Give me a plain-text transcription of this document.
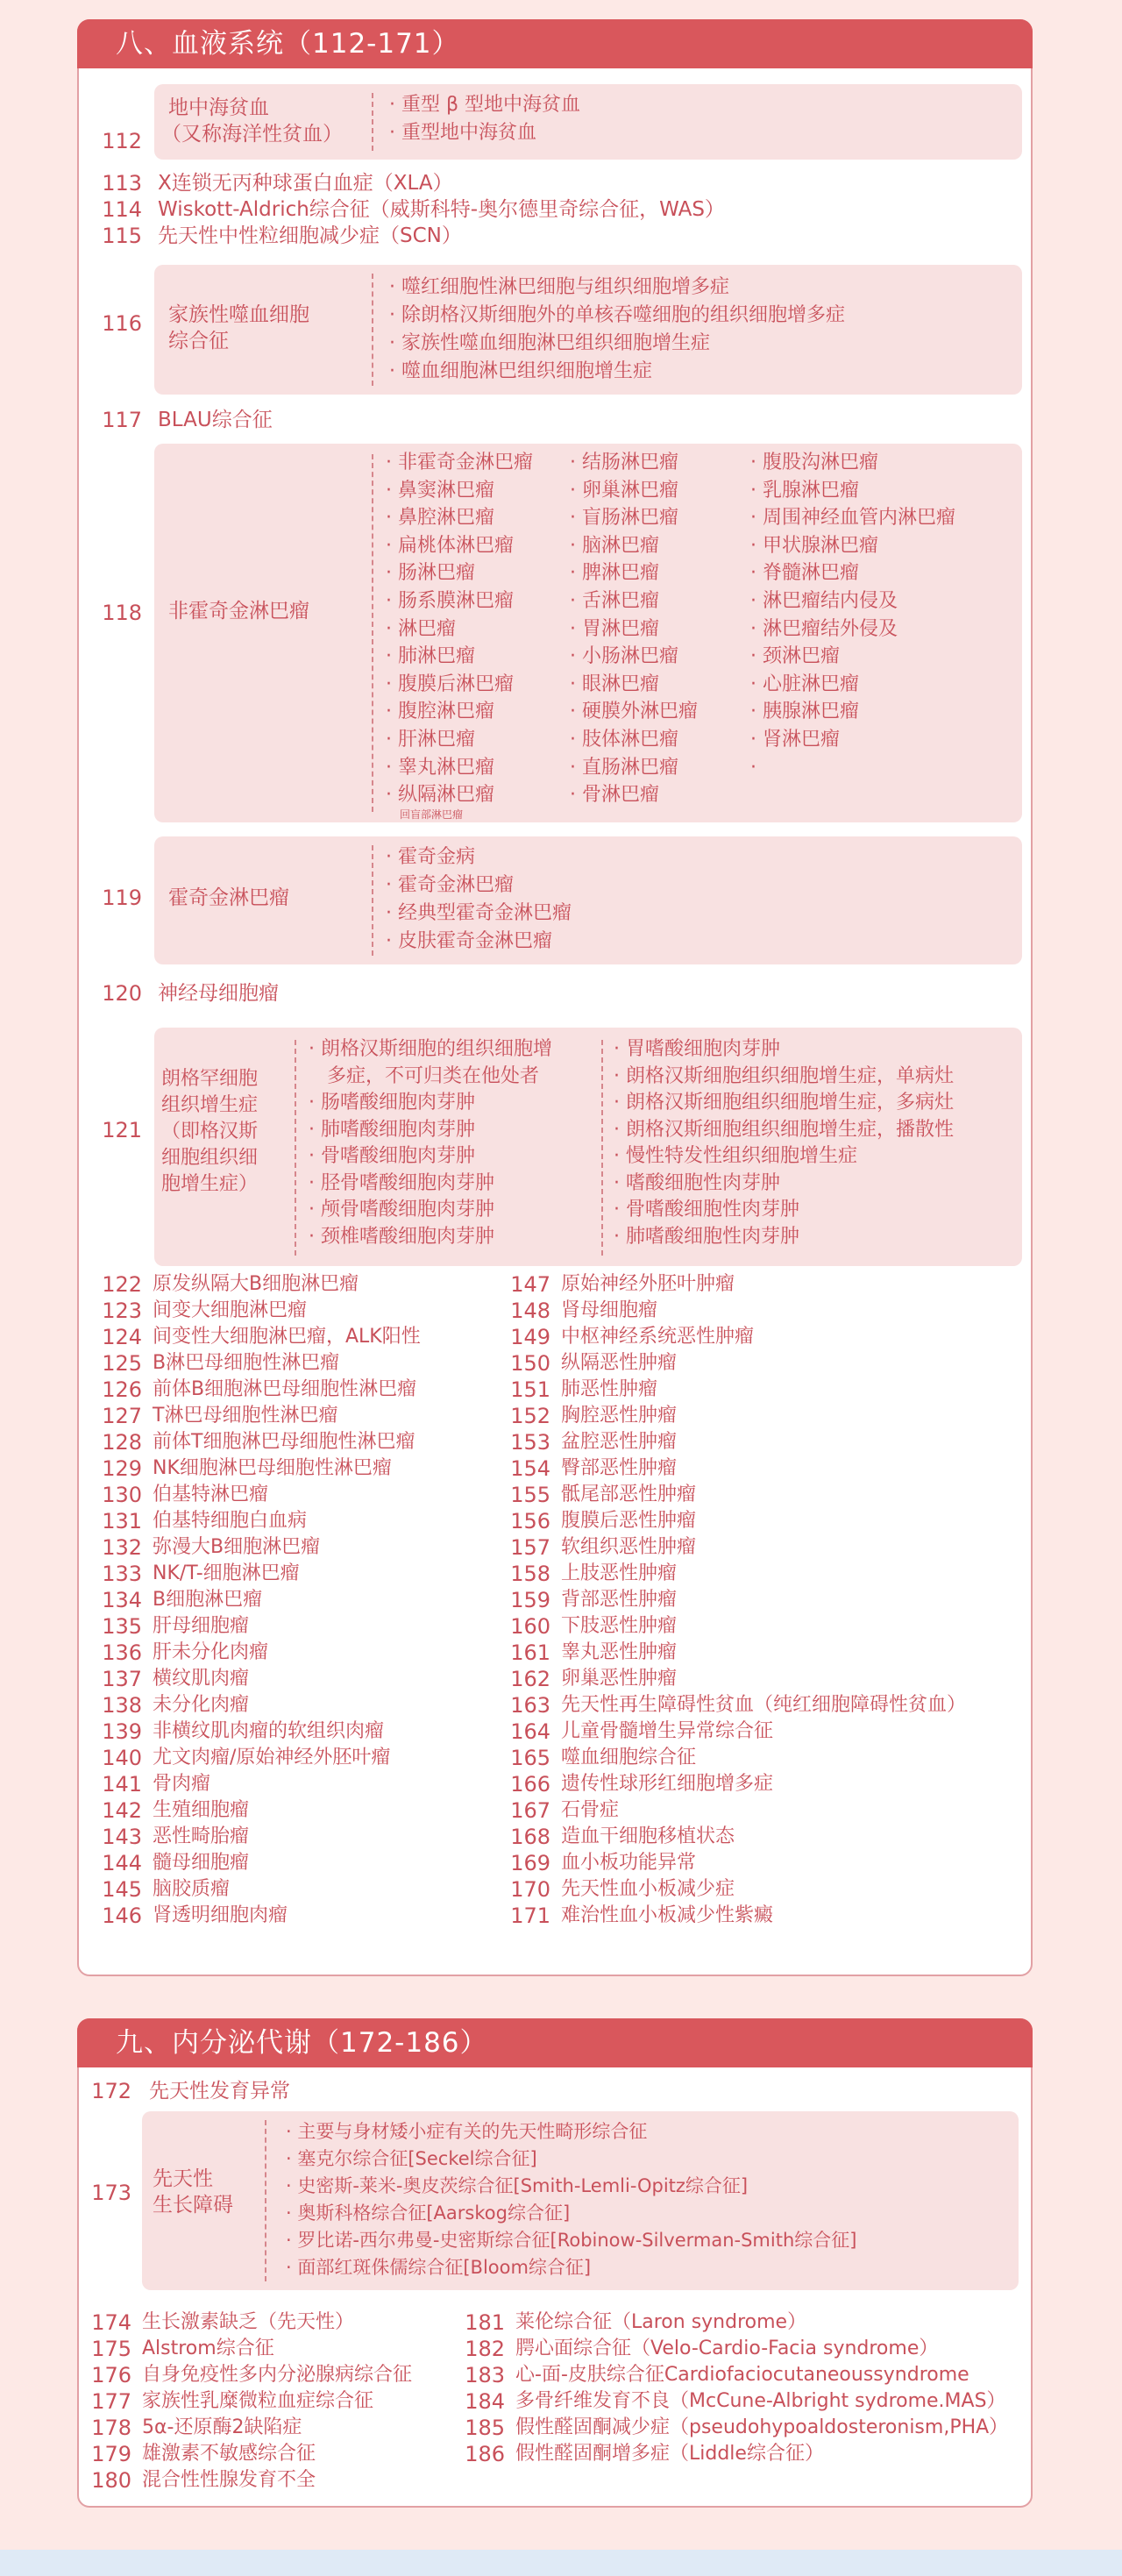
八、血液系统（112-171）
112
地中海贫血
（又称海洋性贫血）
· 重型 β 型地中海贫血
· 重型地中海贫血
113 X连锁无丙种球蛋白血症（XLA）
114 Wiskott-Aldrich综合征（威斯科特-奥尔德里奇综合征，WAS）
115 先天性中性粒细胞减少症（SCN）
116 家族性噬血细胞
综合征
· 噬红细胞性淋巴细胞与组织细胞增多症
· 除朗格汉斯细胞外的单核吞噬细胞的组织细胞增多症
· 家族性噬血细胞淋巴组织细胞增生症
· 噬血细胞淋巴组织细胞增生症
117 BLAU综合征
118 非霍奇金淋巴瘤
· 非霍奇金淋巴瘤
· 鼻窦淋巴瘤
· 鼻腔淋巴瘤
· 扁桃体淋巴瘤
· 肠淋巴瘤
· 肠系膜淋巴瘤
· 淋巴瘤
· 肺淋巴瘤
· 腹膜后淋巴瘤
· 腹腔淋巴瘤
· 肝淋巴瘤
· 睾丸淋巴瘤
· 纵隔淋巴瘤
回盲部淋巴瘤
· 结肠淋巴瘤
· 卵巢淋巴瘤
· 盲肠淋巴瘤
· 脑淋巴瘤
· 脾淋巴瘤
· 舌淋巴瘤
· 胃淋巴瘤
· 小肠淋巴瘤
· 眼淋巴瘤
· 硬膜外淋巴瘤
· 肢体淋巴瘤
· 直肠淋巴瘤
· 骨淋巴瘤
· 腹股沟淋巴瘤
· 乳腺淋巴瘤
· 周围神经血管内淋巴瘤
· 甲状腺淋巴瘤
· 脊髓淋巴瘤
· 淋巴瘤结内侵及
· 淋巴瘤结外侵及
· 颈淋巴瘤
· 心脏淋巴瘤
· 胰腺淋巴瘤
· 肾淋巴瘤
·
119 霍奇金淋巴瘤
· 霍奇金病
· 霍奇金淋巴瘤
· 经典型霍奇金淋巴瘤
· 皮肤霍奇金淋巴瘤
120 神经母细胞瘤
121
朗格罕细胞
组织增生症
（即格汉斯
细胞组织细
胞增生症）
· 朗格汉斯细胞的组织细胞增
多症，不可归类在他处者
· 肠嗜酸细胞肉芽肿
· 肺嗜酸细胞肉芽肿
· 骨嗜酸细胞肉芽肿
· 胫骨嗜酸细胞肉芽肿
· 颅骨嗜酸细胞肉芽肿
· 颈椎嗜酸细胞肉芽肿
· 胃嗜酸细胞肉芽肿
· 朗格汉斯细胞组织细胞增生症，单病灶
· 朗格汉斯细胞组织细胞增生症，多病灶
· 朗格汉斯细胞组织细胞增生症，播散性
· 慢性特发性组织细胞增生症
· 嗜酸细胞性肉芽肿
· 骨嗜酸细胞性肉芽肿
· 肺嗜酸细胞性肉芽肿
122 原发纵隔大B细胞淋巴瘤
123 间变大细胞淋巴瘤
124 间变性大细胞淋巴瘤，ALK阳性
125 B淋巴母细胞性淋巴瘤
126 前体B细胞淋巴母细胞性淋巴瘤
127 T淋巴母细胞性淋巴瘤
128 前体T细胞淋巴母细胞性淋巴瘤
129 NK细胞淋巴母细胞性淋巴瘤
130 伯基特淋巴瘤
131 伯基特细胞白血病
132 弥漫大B细胞淋巴瘤
133 NK/T-细胞淋巴瘤
134 B细胞淋巴瘤
135 肝母细胞瘤
136 肝未分化肉瘤
137 横纹肌肉瘤
138 未分化肉瘤
139 非横纹肌肉瘤的软组织肉瘤
140 尤文肉瘤/原始神经外胚叶瘤
141 骨肉瘤
142 生殖细胞瘤
143 恶性畸胎瘤
144 髓母细胞瘤
145 脑胶质瘤
146 肾透明细胞肉瘤
147 原始神经外胚叶肿瘤
148 肾母细胞瘤
149 中枢神经系统恶性肿瘤
150 纵隔恶性肿瘤
151 肺恶性肿瘤
152 胸腔恶性肿瘤
153 盆腔恶性肿瘤
154 臀部恶性肿瘤
155 骶尾部恶性肿瘤
156 腹膜后恶性肿瘤
157 软组织恶性肿瘤
158 上肢恶性肿瘤
159 背部恶性肿瘤
160 下肢恶性肿瘤
161 睾丸恶性肿瘤
162 卵巢恶性肿瘤
163 先天性再生障碍性贫血（纯红细胞障碍性贫血）
164 儿童骨髓增生异常综合征
165 噬血细胞综合征
166 遗传性球形红细胞增多症
167 石骨症
168 造血干细胞移植状态
169 血小板功能异常
170 先天性血小板减少症
171 难治性血小板减少性紫癜
九、内分泌代谢（172-186）
172 先天性发育异常
173
先天性
生长障碍
· 主要与身材矮小症有关的先天性畸形综合征
· 塞克尔综合征[Seckel综合征]
· 史密斯-莱米-奥皮茨综合征[Smith-Lemli-Opitz综合征]
· 奥斯科格综合征[Aarskog综合征]
· 罗比诺-西尔弗曼-史密斯综合征[Robinow-Silverman-Smith综合征]
· 面部红斑侏儒综合征[Bloom综合征]
174 生长激素缺乏（先天性）
175 Alstrom综合征
176 自身免疫性多内分泌腺病综合征
177 家族性乳糜微粒血症综合征
178 5α-还原酶2缺陷症
179 雄激素不敏感综合征
180 混合性性腺发育不全
181 莱伦综合征（Laron syndrome）
182 腭心面综合征（Velo-Cardio-Facia syndrome）
183 心-面-皮肤综合征Cardiofaciocutaneoussyndrome
184 多骨纤维发育不良（McCune-Albright sydrome.MAS）
185 假性醛固酮减少症（pseudohypoaldosteronism,PHA）
186 假性醛固酮增多症（Liddle综合征）
